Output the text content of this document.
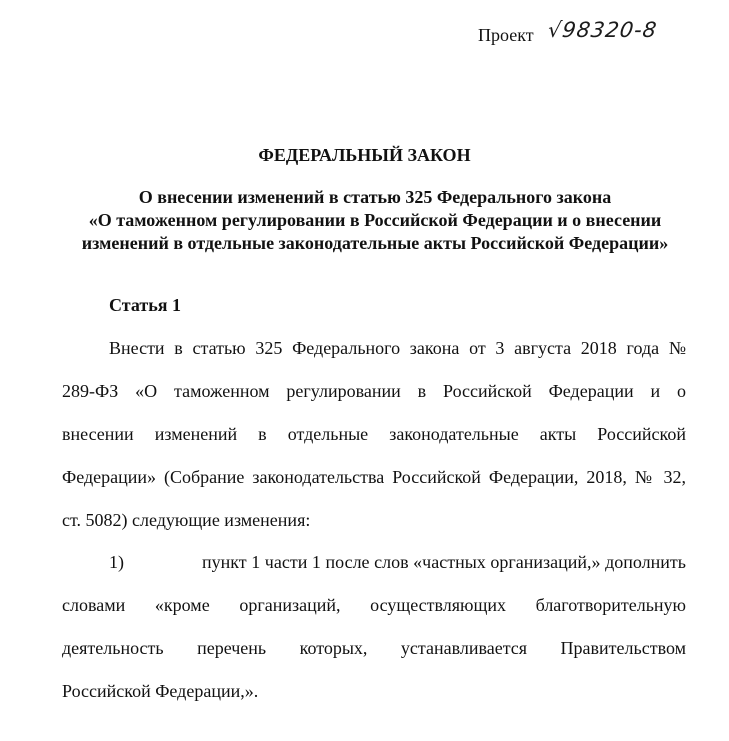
Проект √98320-8
ФЕДЕРАЛЬНЫЙ ЗАКОН
О внесении изменений в статью 325 Федерального закона
«О таможенном регулировании в Российской Федерации и о внесении
изменений в отдельные законодательные акты Российской Федерации»
Статья 1
Внести в статью 325 Федерального закона от 3 августа 2018 года №
289-ФЗ «О таможенном регулировании в Российской Федерации и о
внесении изменений в отдельные законодательные акты Российской
Федерации» (Собрание законодательства Российской Федерации, 2018, № 32,
ст. 5082) следующие изменения:
1)	пункт 1 части 1 после слов «частных организаций,» дополнить
словами «кроме организаций, осуществляющих благотворительную
деятельность перечень которых, устанавливается Правительством
Российской Федерации,».
